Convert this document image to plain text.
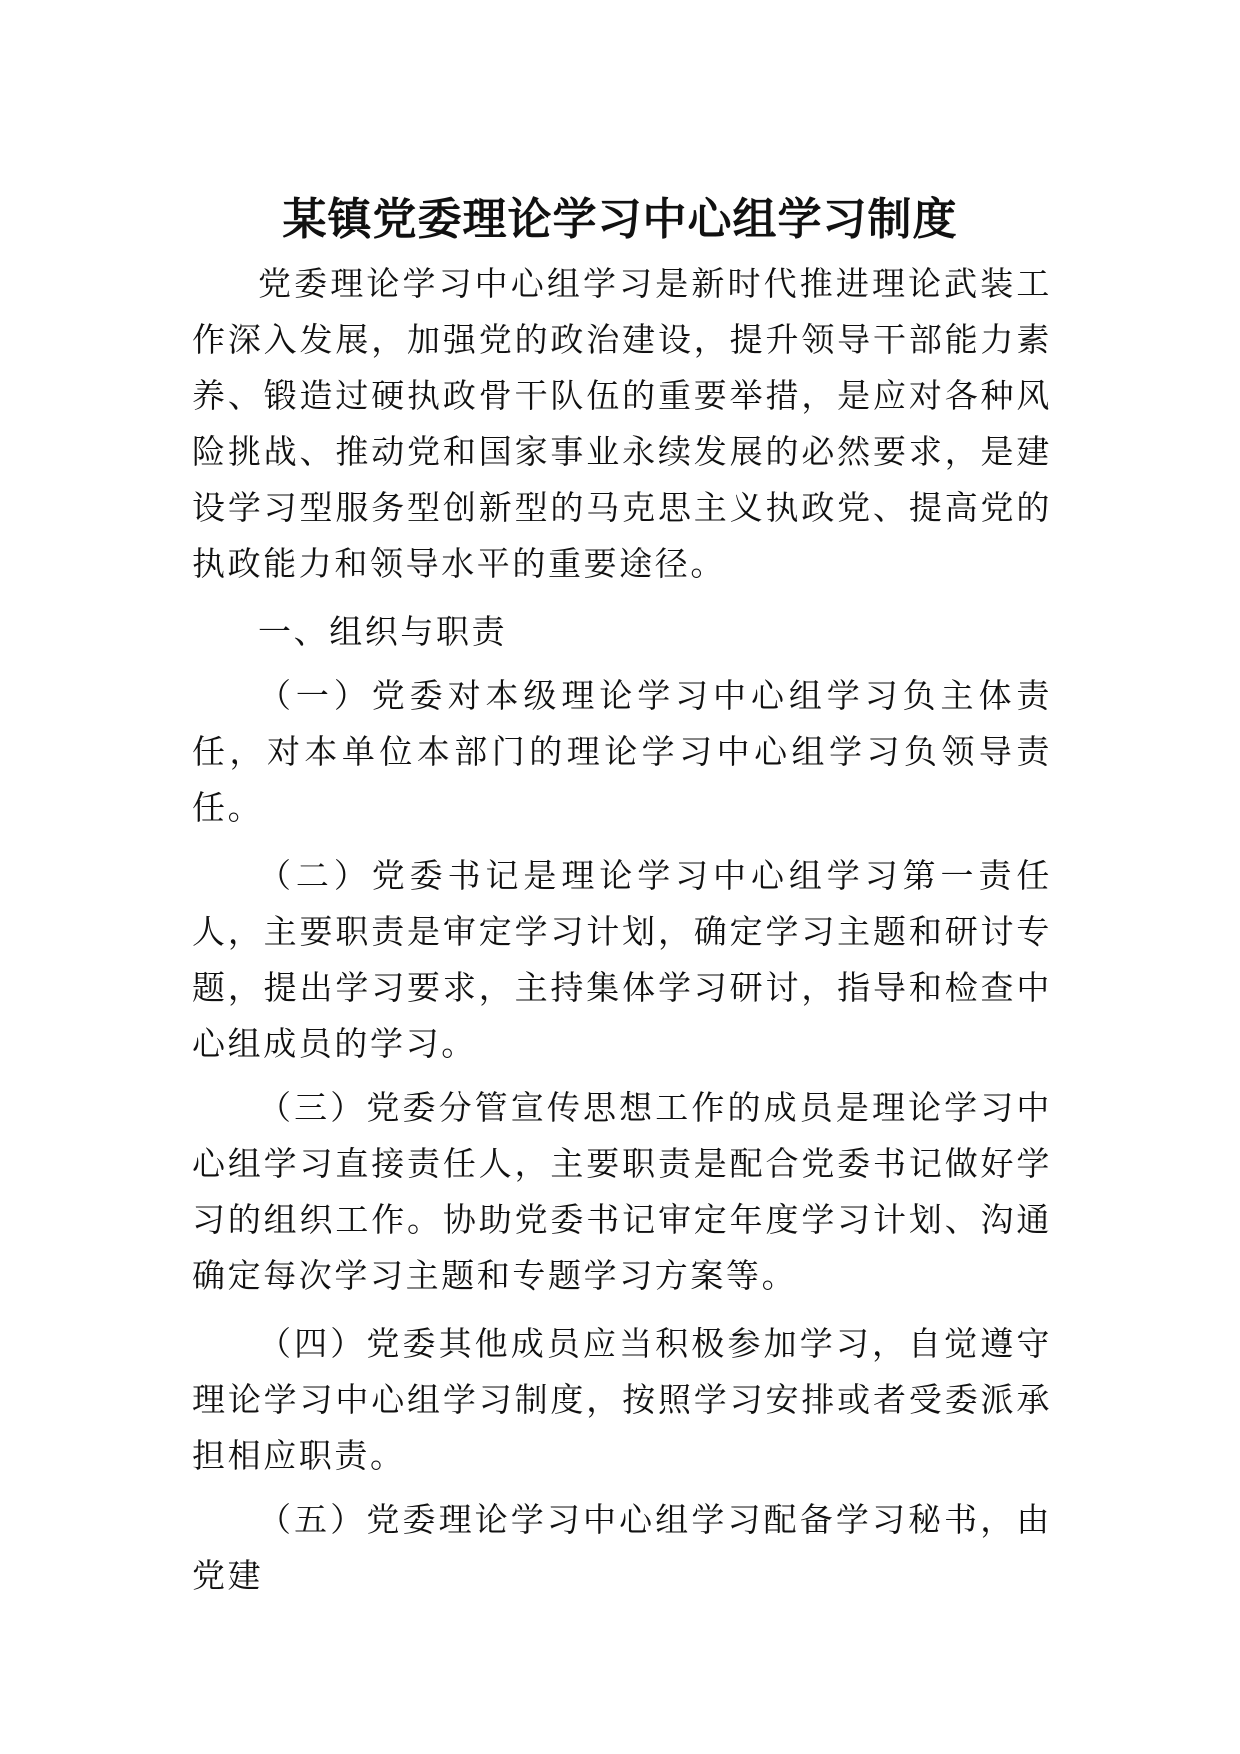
某镇党委理论学习中心组学习制度

党委理论学习中心组学习是新时代推进理论武装工作深入发展，加强党的政治建设，提升领导干部能力素养、锻造过硬执政骨干队伍的重要举措，是应对各种风险挑战、推动党和国家事业永续发展的必然要求，是建设学习型服务型创新型的马克思主义执政党、提高党的执政能力和领导水平的重要途径。

一、组织与职责

（一）党委对本级理论学习中心组学习负主体责任，对本单位本部门的理论学习中心组学习负领导责任。

（二）党委书记是理论学习中心组学习第一责任人，主要职责是审定学习计划，确定学习主题和研讨专题，提出学习要求，主持集体学习研讨，指导和检查中心组成员的学习。

（三）党委分管宣传思想工作的成员是理论学习中心组学习直接责任人，主要职责是配合党委书记做好学习的组织工作。协助党委书记审定年度学习计划、沟通确定每次学习主题和专题学习方案等。

（四）党委其他成员应当积极参加学习，自觉遵守理论学习中心组学习制度，按照学习安排或者受委派承担相应职责。

（五）党委理论学习中心组学习配备学习秘书，由党建
